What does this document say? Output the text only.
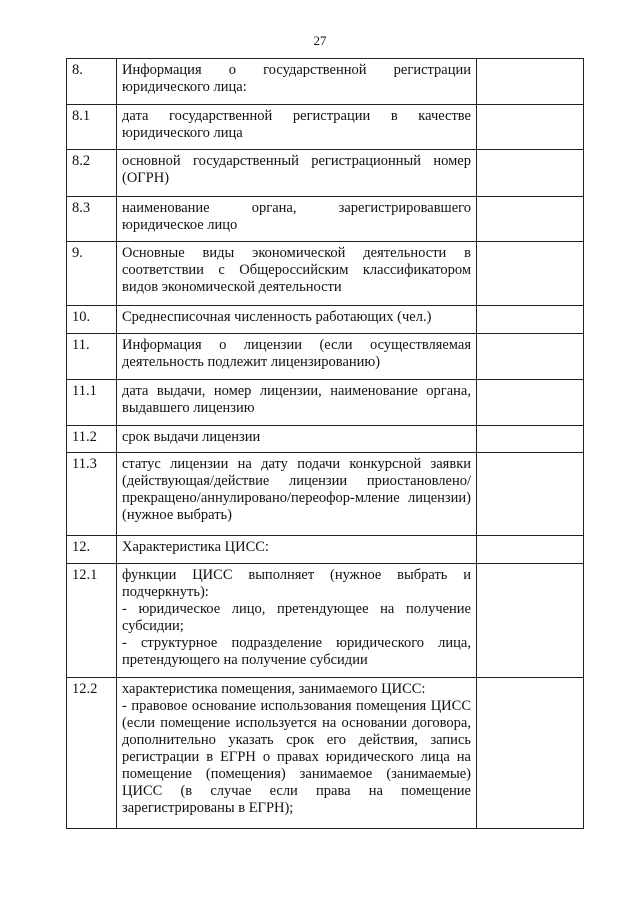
27
8.	Информация о государственной регистрации юридического лица:	

8.1	дата государственной регистрации в качестве юридического лица	

8.2	основной государственный регистрационный номер (ОГРН)	

8.3	наименование органа, зарегистрировавшего юридическое лицо	

9.	Основные виды экономической деятельности в соответствии с Общероссийским классификатором видов экономической деятельности	

10.	Среднесписочная численность работающих (чел.)	

11.	Информация о лицензии (если осуществляемая деятельность подлежит лицензированию)	

11.1	дата выдачи, номер лицензии, наименование органа, выдавшего лицензию	

11.2	срок выдачи лицензии	

11.3	статус лицензии на дату подачи конкурсной заявки (действующая/действие лицензии приостановлено/прекращено/аннулировано/переофор-мление лицензии) (нужное выбрать)	

12.	Характеристика ЦИСС:	

12.1	функции ЦИСС выполняет (нужное выбрать и подчеркнуть):
- юридическое лицо, претендующее на получение субсидии;
- структурное подразделение юридического лица, претендующего на получение субсидии	

12.2	характеристика помещения, занимаемого ЦИСС:
- правовое основание использования помещения ЦИСС (если помещение используется на основании договора, дополнительно указать срок его действия, запись регистрации в ЕГРН о правах юридического лица на помещение (помещения) занимаемое (занимаемые) ЦИСС (в случае если права на помещение зарегистрированы в ЕГРН);	
